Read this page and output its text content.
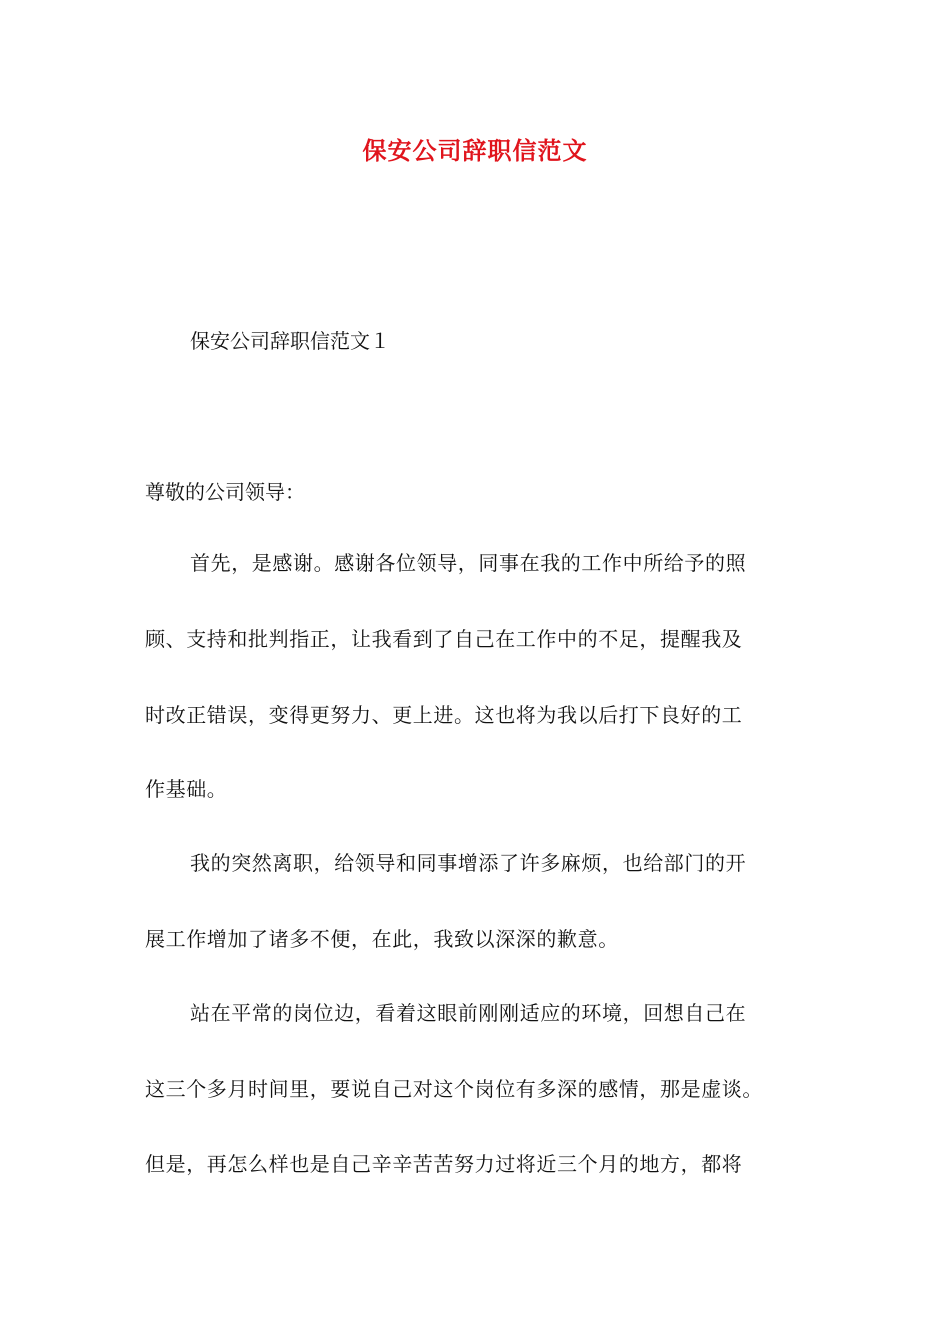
保安公司辞职信范文
保安公司辞职信范文１
尊敬的公司领导：
首先，是感谢。感谢各位领导，同事在我的工作中所给予的照
顾、支持和批判指正，让我看到了自己在工作中的不足，提醒我及
时改正错误，变得更努力、更上进。这也将为我以后打下良好的工
作基础。
我的突然离职，给领导和同事增添了许多麻烦，也给部门的开
展工作增加了诸多不便，在此，我致以深深的歉意。
站在平常的岗位边，看着这眼前刚刚适应的环境，回想自己在
这三个多月时间里，要说自己对这个岗位有多深的感情，那是虚谈。
但是，再怎么样也是自己辛辛苦苦努力过将近三个月的地方，都将
